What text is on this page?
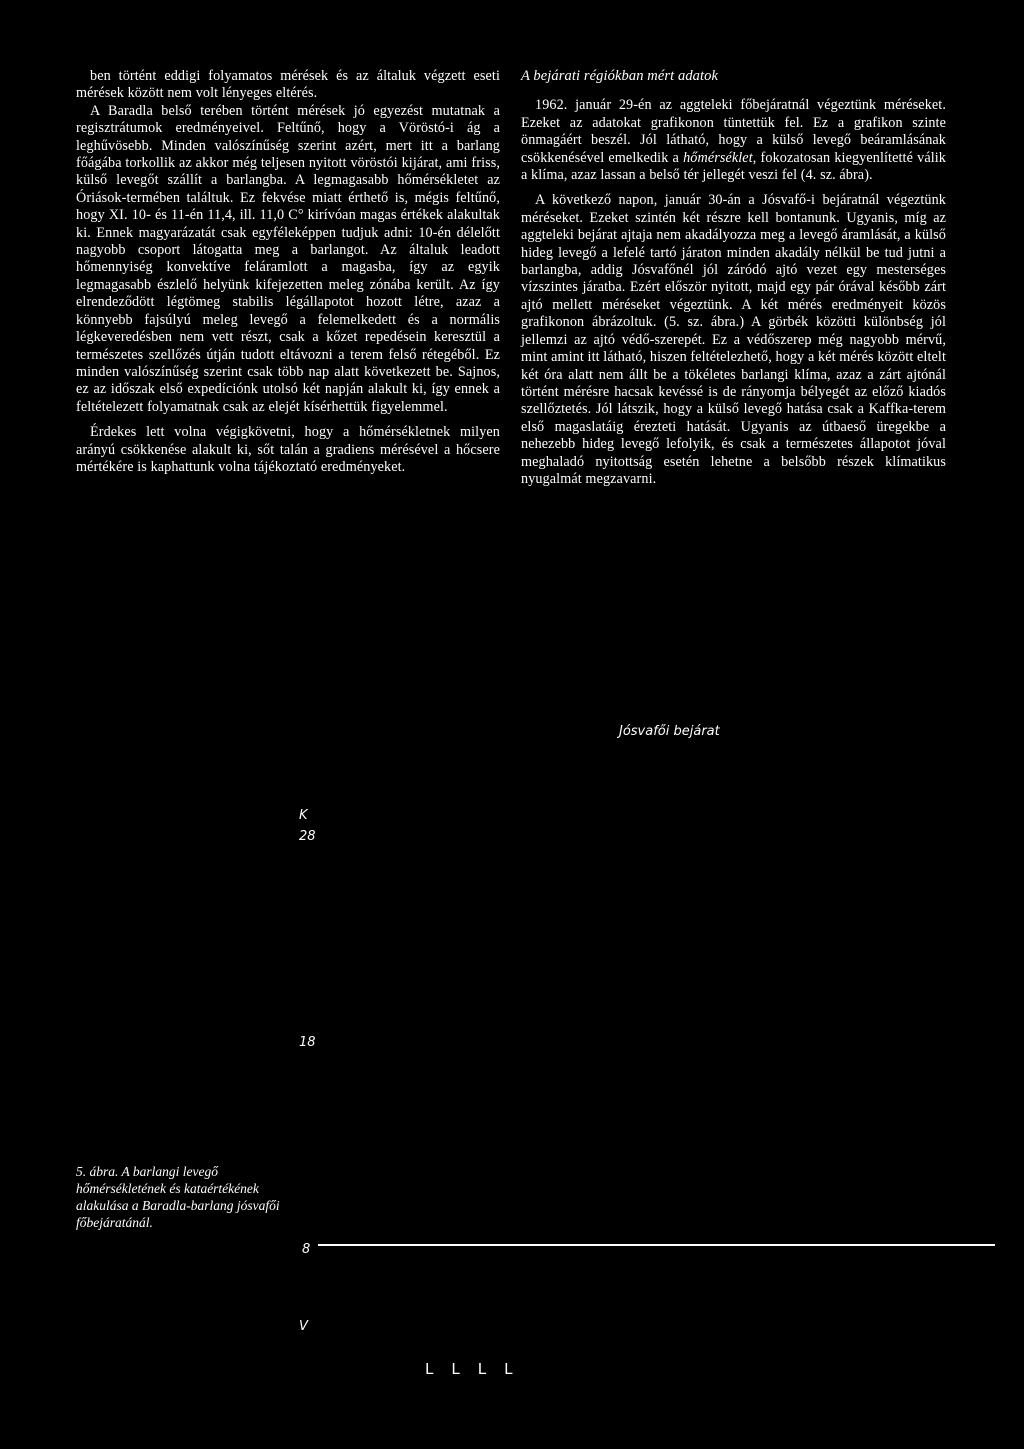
ben történt eddigi folyamatos mérések és az általuk végzett eseti mérések között nem volt lényeges eltérés.

A Baradla belső terében történt mérések jó egyezést mutatnak a regisztrátumok eredményeivel. Feltűnő, hogy a Vöröstó-i ág a leghűvösebb. Minden valószínűség szerint azért, mert itt a barlang főágába torkollik az akkor még teljesen nyitott vöröstói kijárat, ami friss, külső levegőt szállít a barlangba. A legmagasabb hőmérsékletet az Óriások-termében találtuk. Ez fekvése miatt érthető is, mégis feltűnő, hogy XI. 10- és 11-én 11,4, ill. 11,0 C° kirívóan magas értékek alakultak ki. Ennek magyarázatát csak egyféleképpen tudjuk adni: 10-én délelőtt nagyobb csoport látogatta meg a barlangot. Az általuk leadott hőmennyiség konvektíve feláramlott a magasba, így az egyik legmagasabb észlelő helyünk kifejezetten meleg zónába került. Az így elrendeződött légtömeg stabilis légállapotot hozott létre, azaz a könnyebb fajsúlyú meleg levegő a felemelkedett és a normális légkeveredésben nem vett részt, csak a kőzet repedésein keresztül a természetes szellőzés útján tudott eltávozni a terem felső rétegéből. Ez minden valószínűség szerint csak több nap alatt következett be. Sajnos, ez az időszak első expedíciónk utolsó két napján alakult ki, így ennek a feltételezett folyamatnak csak az elejét kísérhettük figyelemmel.

Érdekes lett volna végigkövetni, hogy a hőmérsékletnek milyen arányú csökkenése alakult ki, sőt talán a gradiens mérésével a hőcsere mértékére is kaphattunk volna tájékoztató eredményeket.

A bejárati régiókban mért adatok

1962. január 29-én az aggteleki főbejáratnál végeztünk méréseket. Ezeket az adatokat grafikonon tüntettük fel. Ez a grafikon szinte önmagáért beszél. Jól látható, hogy a külső levegő beáramlásának csökkenésével emelkedik a hőmérséklet, fokozatosan kiegyenlítetté válik a klíma, azaz lassan a belső tér jellegét veszi fel (4. sz. ábra).

A következő napon, január 30-án a Jósvafő-i bejáratnál végeztünk méréseket. Ezeket szintén két részre kell bontanunk. Ugyanis, míg az aggteleki bejárat ajtaja nem akadályozza meg a levegő áramlását, a külső hideg levegő a lefelé tartó járaton minden akadály nélkül be tud jutni a barlangba, addig Jósvafőnél jól záródó ajtó vezet egy mesterséges vízszintes járatba. Ezért először nyitott, majd egy pár órával később zárt ajtó mellett méréseket végeztünk. A két mérés eredményeit közös grafikonon ábrázoltuk. (5. sz. ábra.) A görbék közötti különbség jól jellemzi az ajtó védő-szerepét. Ez a védőszerep még nagyobb mérvű, mint amint itt látható, hiszen feltételezhető, hogy a két mérés között eltelt két óra alatt nem állt be a tökéletes barlangi klíma, azaz a zárt ajtónál történt mérésre hacsak kevéssé is de rányomja bélyegét az előző kiadós szellőztetés. Jól látszik, hogy a külső levegő hatása csak a Kaffka-terem első magaslatáig érezteti hatását. Ugyanis az útbaeső üregekbe a nehezebb hideg levegő lefolyik, és csak a természetes állapotot jóval meghaladó nyitottság esetén lehetne a belsőbb részek klímatikus nyugalmát megzavarni.

Jósvafői bejárat
K
28
18
8
V
L L L L
5. ábra. A barlangi levegő hőmérsékletének és kataértékének alakulása a Baradla-barlang jósvafői főbejáratánál.
